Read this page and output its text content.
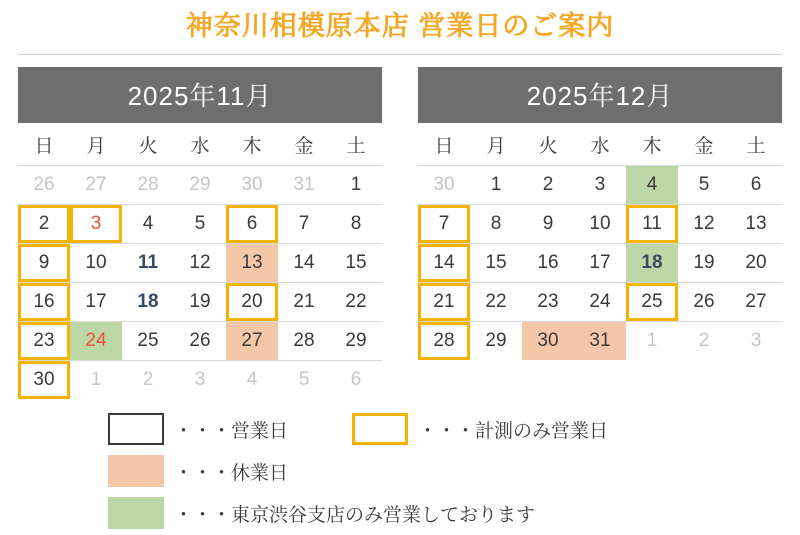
神奈川相模原本店 営業日のご案内
2025年11月
日	月	火	水	木	金	土

26	27	28	29	30	31	1

2	3	4	5	6	7	8

9	10	11	12	13	14	15

16	17	18	19	20	21	22

23	24	25	26	27	28	29

30	1	2	3	4	5	6
2025年12月
日	月	火	水	木	金	土

30	1	2	3	4	5	6

7	8	9	10	11	12	13

14	15	16	17	18	19	20

21	22	23	24	25	26	27

28	29	30	31	1	2	3
・・・営業日	・・・計測のみ営業日
・・・休業日
・・・東京渋谷支店のみ営業しております
